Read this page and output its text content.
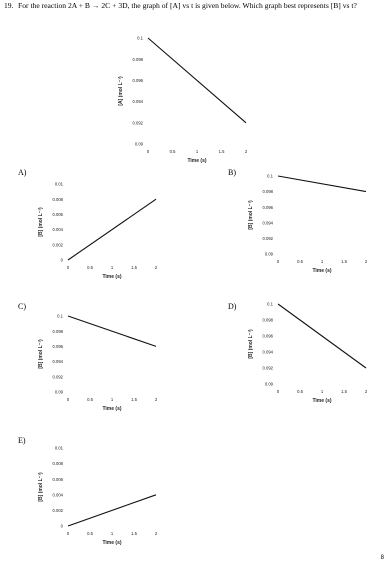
19. For the reaction 2A + B → 2C + 3D, the graph of [A] vs t is given below. Which graph best represents [B] vs t?
0.09
0.092
0.094
0.096
0.098
0.1
0	0.5	1	1.5	2
Time (s)
[A] (mol L⁻¹)
A)
0
0.002
0.004
0.006
0.008
0.01
0	0.5	1	1.5	2
Time (s)
[B] (mol L⁻¹)
B)
0.09
0.092
0.094
0.096
0.098
0.1
0	0.5	1	1.5	2
Time (s)
[B] (mol L⁻¹)
C)
0.09
0.092
0.094
0.096
0.098
0.1
0	0.5	1	1.5	2
Time (s)
[B] (mol L⁻¹)
D)
0.09
0.092
0.094
0.096
0.098
0.1
0	0.5	1	1.5	2
Time (s)
[B] (mol L⁻¹)
E)
0
0.002
0.004
0.006
0.008
0.01
0	0.5	1	1.5	2
Time (s)
[B] (mol L⁻¹)
8
